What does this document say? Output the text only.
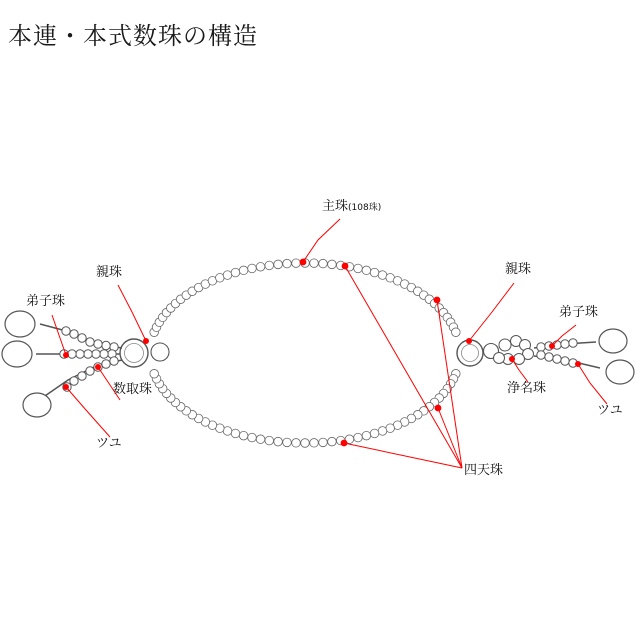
本連・本式数珠の構造
主珠(108珠)
親珠
弟子珠
数取珠
ツユ
親珠
弟子珠
浄名珠
ツユ
四天珠
